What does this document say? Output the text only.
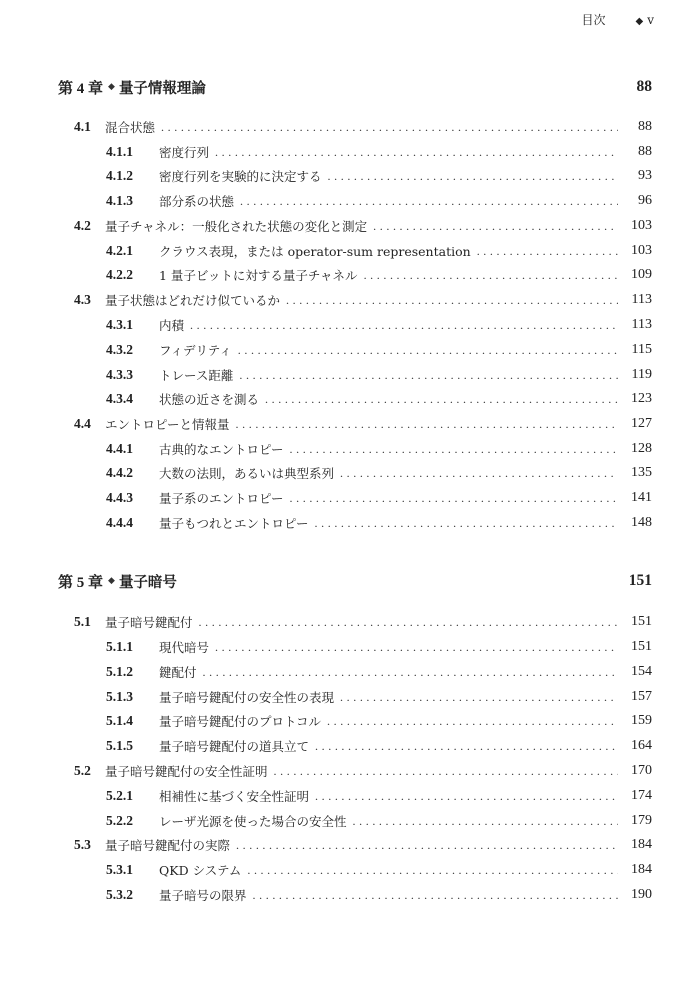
目次	◆ v
第 4 章 ◆ 量子情報理論	88
4.1	混合状態 . . .	88
4.1.1	密度行列 . . .	88
4.1.2	密度行列を実験的に決定する . . .	93
4.1.3	部分系の状態 . . .	96
4.2	量子チャネル：一般化された状態の変化と測定 . . .	103
4.2.1	クラウス表現，または operator-sum representation . . .	103
4.2.2	1 量子ビットに対する量子チャネル . . .	109
4.3	量子状態はどれだけ似ているか . . .	113
4.3.1	内積 . . .	113
4.3.2	フィデリティ . . .	115
4.3.3	トレース距離 . . .	119
4.3.4	状態の近さを測る . . .	123
4.4	エントロピーと情報量 . . .	127
4.4.1	古典的なエントロピー . . .	128
4.4.2	大数の法則，あるいは典型系列 . . .	135
4.4.3	量子系のエントロピー . . .	141
4.4.4	量子もつれとエントロピー . . .	148
第 5 章 ◆ 量子暗号	151
5.1	量子暗号鍵配付 . . .	151
5.1.1	現代暗号 . . .	151
5.1.2	鍵配付 . . .	154
5.1.3	量子暗号鍵配付の安全性の表現 . . .	157
5.1.4	量子暗号鍵配付のプロトコル . . .	159
5.1.5	量子暗号鍵配付の道具立て . . .	164
5.2	量子暗号鍵配付の安全性証明 . . .	170
5.2.1	相補性に基づく安全性証明 . . .	174
5.2.2	レーザ光源を使った場合の安全性 . . .	179
5.3	量子暗号鍵配付の実際 . . .	184
5.3.1	QKD システム . . .	184
5.3.2	量子暗号の限界 . . .	190
